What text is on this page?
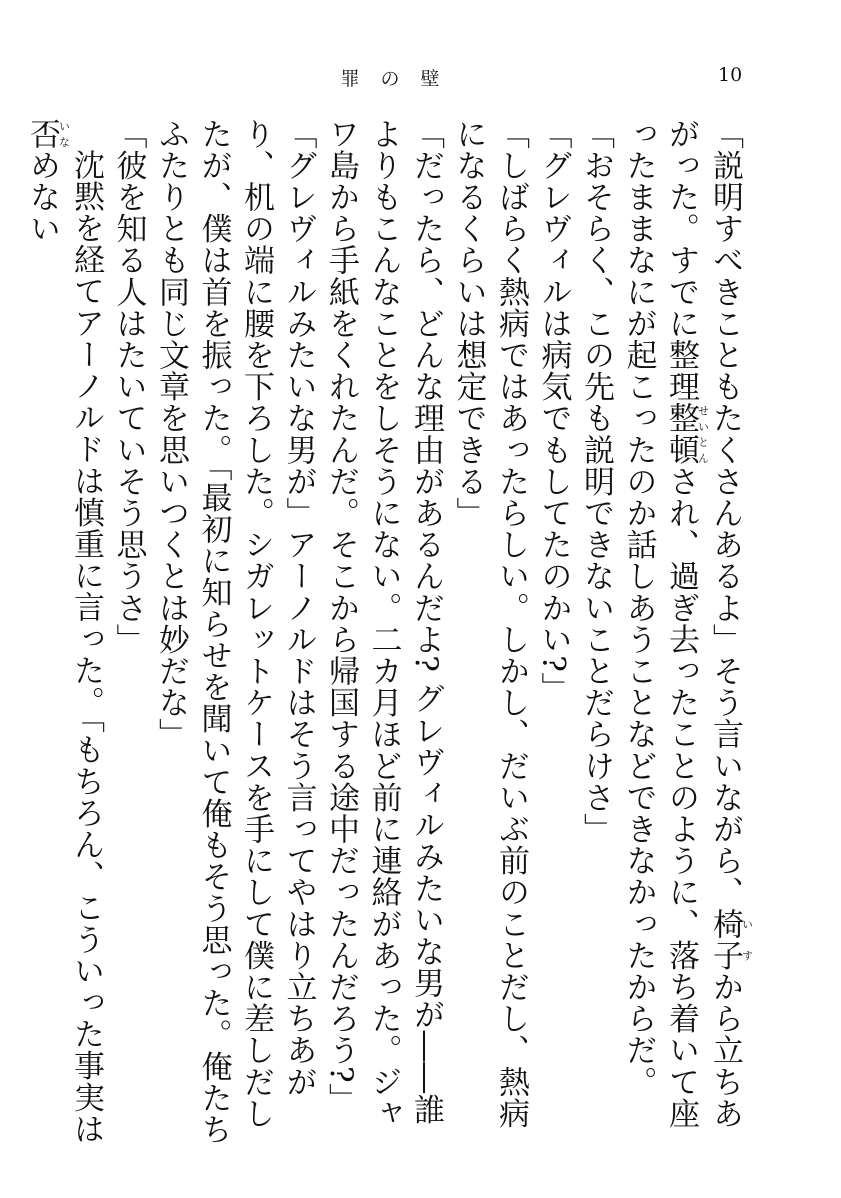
罪	の	壁	10

「説明すべきこともたくさんあるよ」そう言いながら、椅子いすから立ちあがった。すでに整理整頓せいとんされ、過ぎ去ったことのように、落ち着いて座ったままなにが起こったのか話しあうことなどできなかったからだ。

「おそらく、この先も説明できないことだらけさ」

「グレヴィルは病気でもしてたのかい?」

「しばらく熱病ではあったらしい。しかし、だいぶ前のことだし、熱病になるくらいは想定できる」

「だったら、どんな理由があるんだよ? グレヴィルみたいな男が――誰よりもこんなことをしそうにない。二カ月ほど前に連絡があった。ジャワ島から手紙をくれたんだ。そこから帰国する途中だったんだろう?」

「グレヴィルみたいな男が」アーノルドはそう言ってやはり立ちあがり、机の端に腰を下ろした。シガレットケースを手にして僕に差しだしたが、僕は首を振った。「最初に知らせを聞いて俺もそう思った。俺たちふたりとも同じ文章を思いつくとは妙だな」

「彼を知る人はたいていそう思うさ」

沈黙を経てアーノルドは慎重に言った。「もちろん、こういった事実は否いなめない
